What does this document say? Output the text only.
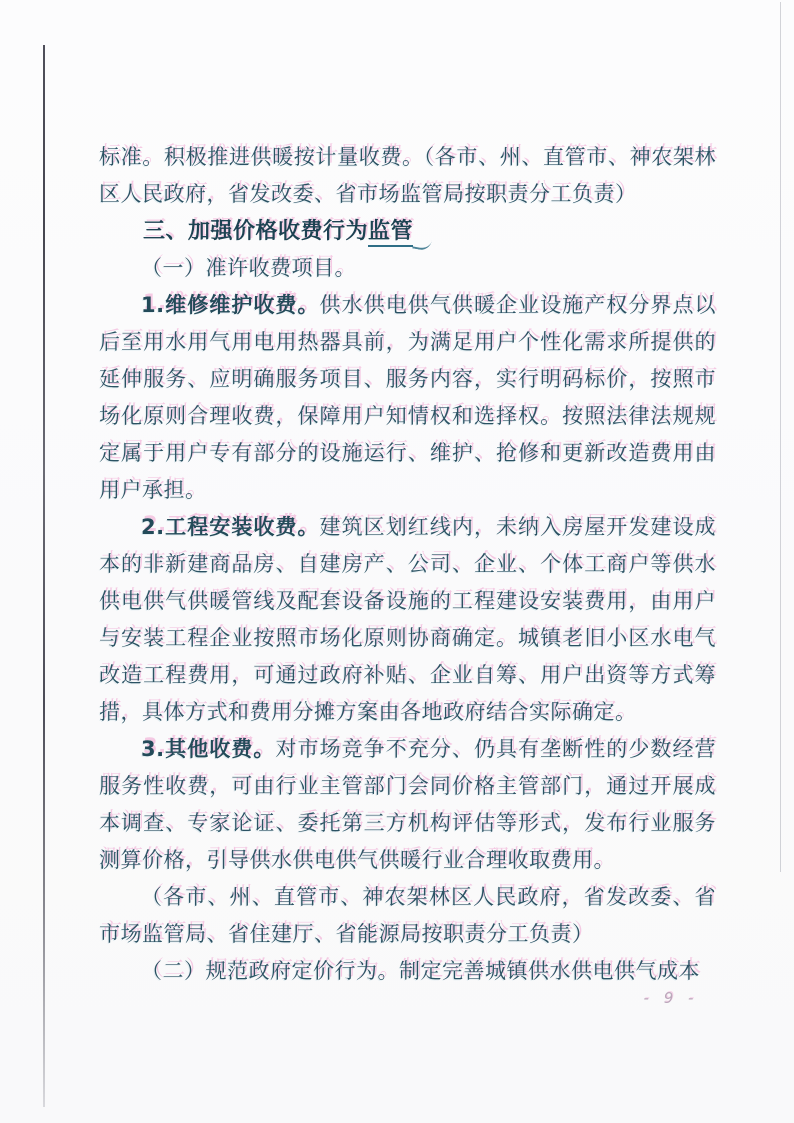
标准。积极推进供暖按计量收费。（各市、州、直管市、神农架林区人民政府，省发改委、省市场监管局按职责分工负责）

三、加强价格收费行为监管

（一）准许收费项目。

1.维修维护收费。供水供电供气供暖企业设施产权分界点以后至用水用气用电用热器具前，为满足用户个性化需求所提供的延伸服务、应明确服务项目、服务内容，实行明码标价，按照市场化原则合理收费，保障用户知情权和选择权。按照法律法规规定属于用户专有部分的设施运行、维护、抢修和更新改造费用由用户承担。

2.工程安装收费。建筑区划红线内，未纳入房屋开发建设成本的非新建商品房、自建房产、公司、企业、个体工商户等供水供电供气供暖管线及配套设备设施的工程建设安装费用，由用户与安装工程企业按照市场化原则协商确定。城镇老旧小区水电气改造工程费用，可通过政府补贴、企业自筹、用户出资等方式筹措，具体方式和费用分摊方案由各地政府结合实际确定。

3.其他收费。对市场竞争不充分、仍具有垄断性的少数经营服务性收费，可由行业主管部门会同价格主管部门，通过开展成本调查、专家论证、委托第三方机构评估等形式，发布行业服务测算价格，引导供水供电供气供暖行业合理收取费用。

（各市、州、直管市、神农架林区人民政府，省发改委、省市场监管局、省住建厅、省能源局按职责分工负责）

（二）规范政府定价行为。制定完善城镇供水供电供气成本

- 9 -
